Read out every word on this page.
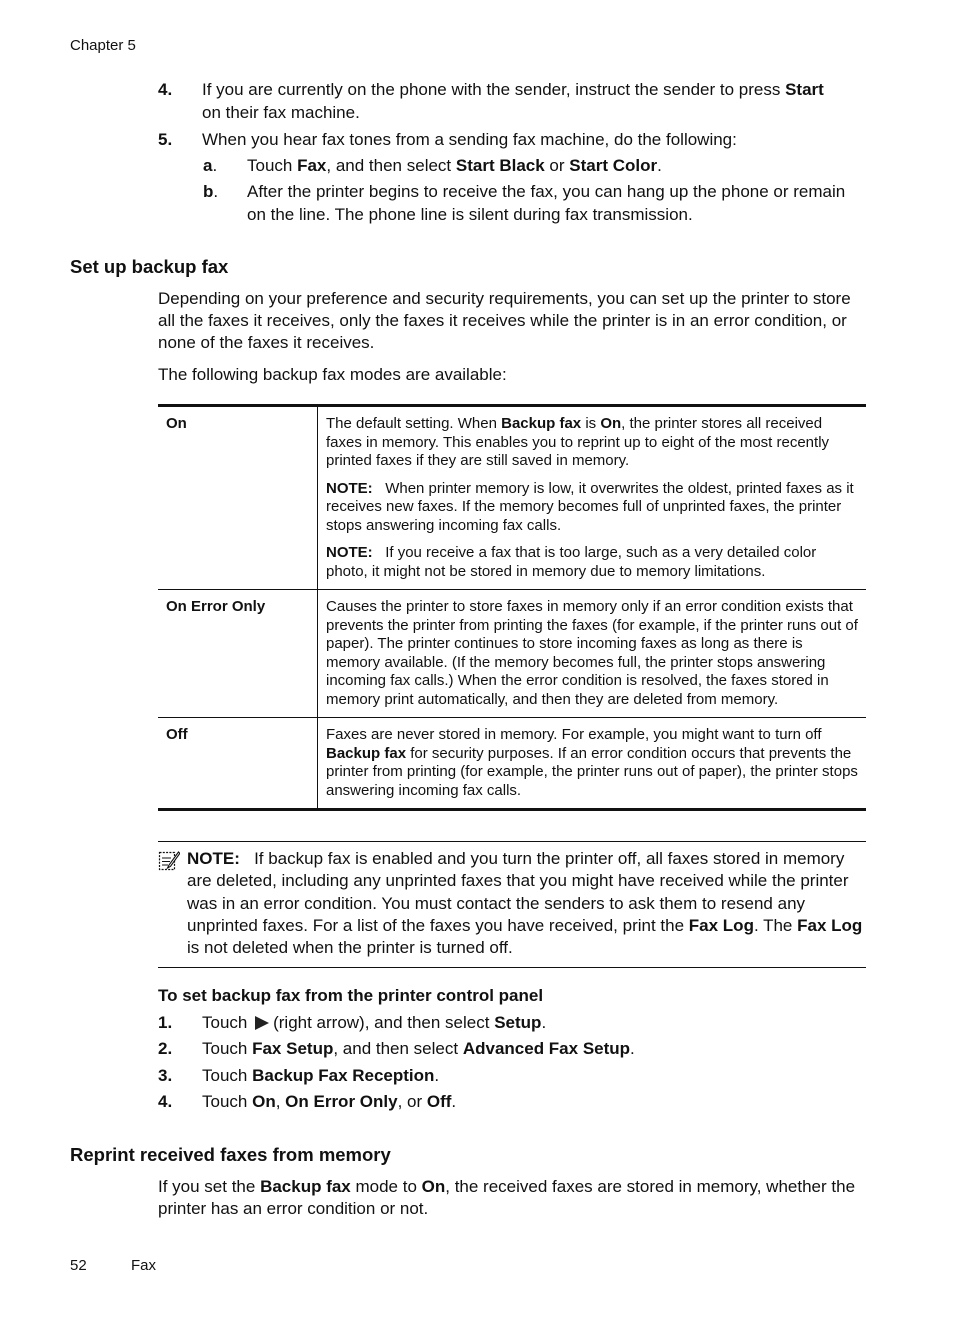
Chapter 5
4. If you are currently on the phone with the sender, instruct the sender to press Start on their fax machine.
5. When you hear fax tones from a sending fax machine, do the following:
a. Touch Fax, and then select Start Black or Start Color.
b. After the printer begins to receive the fax, you can hang up the phone or remain on the line. The phone line is silent during fax transmission.
Set up backup fax

Depending on your preference and security requirements, you can set up the printer to store all the faxes it receives, only the faxes it receives while the printer is in an error condition, or none of the faxes it receives.

The following backup fax modes are available:

On	The default setting. When Backup fax is On, the printer stores all received faxes in memory. This enables you to reprint up to eight of the most recently printed faxes if they are still saved in memory.

NOTE: When printer memory is low, it overwrites the oldest, printed faxes as it receives new faxes. If the memory becomes full of unprinted faxes, the printer stops answering incoming fax calls.

NOTE: If you receive a fax that is too large, such as a very detailed color photo, it might not be stored in memory due to memory limitations.

On Error Only	Causes the printer to store faxes in memory only if an error condition exists that prevents the printer from printing the faxes (for example, if the printer runs out of paper). The printer continues to store incoming faxes as long as there is memory available. (If the memory becomes full, the printer stops answering incoming fax calls.) When the error condition is resolved, the faxes stored in memory print automatically, and then they are deleted from memory.
Off	Faxes are never stored in memory. For example, you might want to turn off Backup fax for security purposes. If an error condition occurs that prevents the printer from printing (for example, the printer runs out of paper), the printer stops answering incoming fax calls.
NOTE: If backup fax is enabled and you turn the printer off, all faxes stored in memory are deleted, including any unprinted faxes that you might have received while the printer was in an error condition. You must contact the senders to ask them to resend any unprinted faxes. For a list of the faxes you have received, print the Fax Log. The Fax Log is not deleted when the printer is turned off.
To set backup fax from the printer control panel
1. Touch (right arrow), and then select Setup.
2. Touch Fax Setup, and then select Advanced Fax Setup.
3. Touch Backup Fax Reception.
4. Touch On, On Error Only, or Off.
Reprint received faxes from memory

If you set the Backup fax mode to On, the received faxes are stored in memory, whether the printer has an error condition or not.

52	Fax
